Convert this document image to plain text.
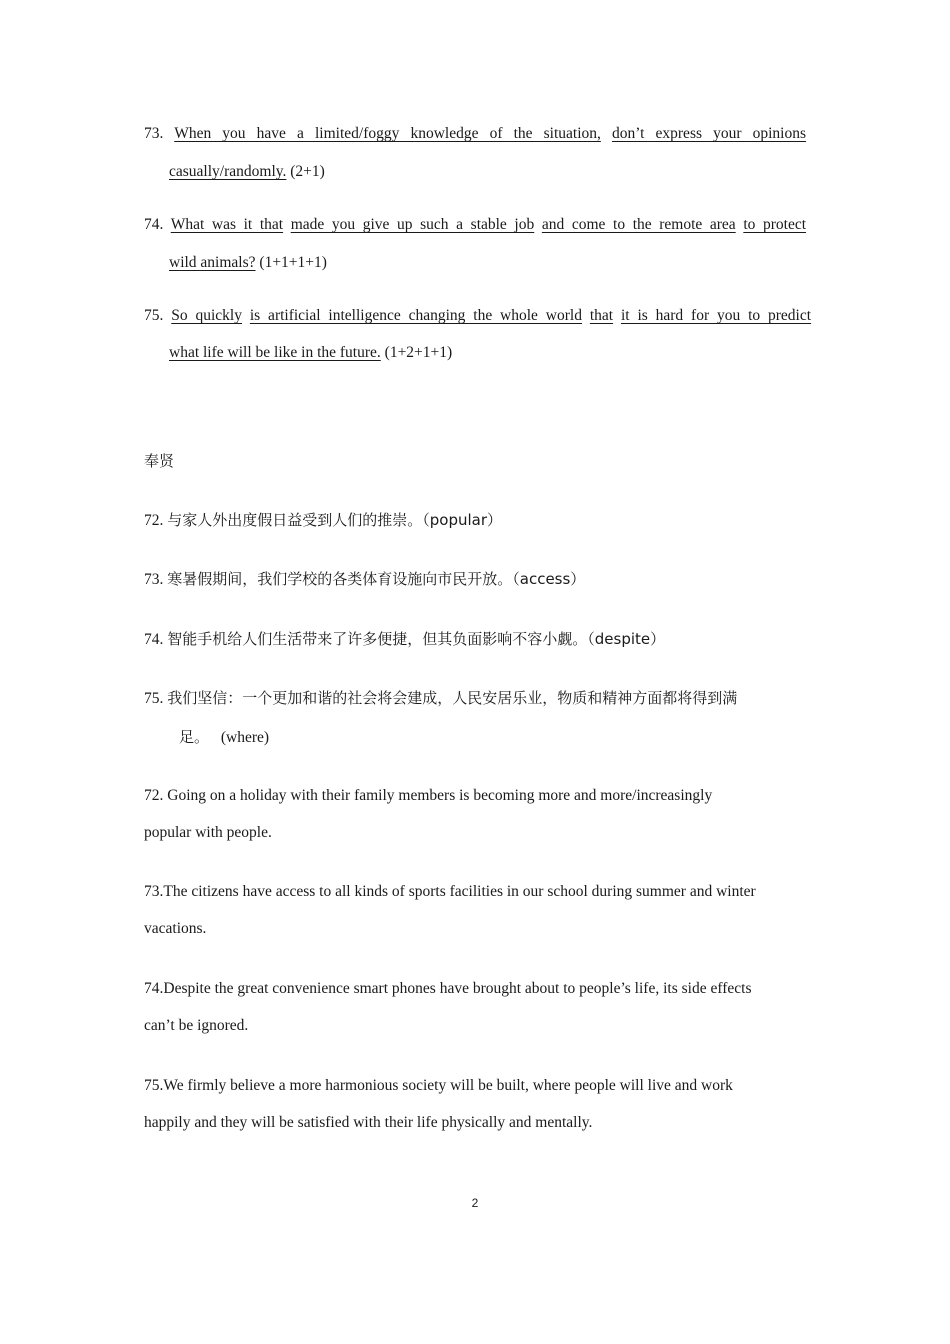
73. When you have a limited/foggy knowledge of the situation, don’t express your opinions
casually/randomly. (2+1)
74. What was it that made you give up such a stable job and come to the remote area to protect
wild animals? (1+1+1+1)
75. So quickly is artificial intelligence changing the whole world that it is hard for you to predict
what life will be like in the future. (1+2+1+1)
奉贤
72. 与家人外出度假日益受到人们的推崇。（popular）
73. 寒暑假期间，我们学校的各类体育设施向市民开放。（access）
74. 智能手机给人们生活带来了许多便捷，但其负面影响不容小觑。（despite）
75. 我们坚信：一个更加和谐的社会将会建成，人民安居乐业，物质和精神方面都将得到满
足。 (where)
72. Going on a holiday with their family members is becoming more and more/increasingly
popular with people.
73.The citizens have access to all kinds of sports facilities in our school during summer and winter
vacations.
74.Despite the great convenience smart phones have brought about to people’s life, its side effects
can’t be ignored.
75.We firmly believe a more harmonious society will be built, where people will live and work
happily and they will be satisfied with their life physically and mentally.
2
